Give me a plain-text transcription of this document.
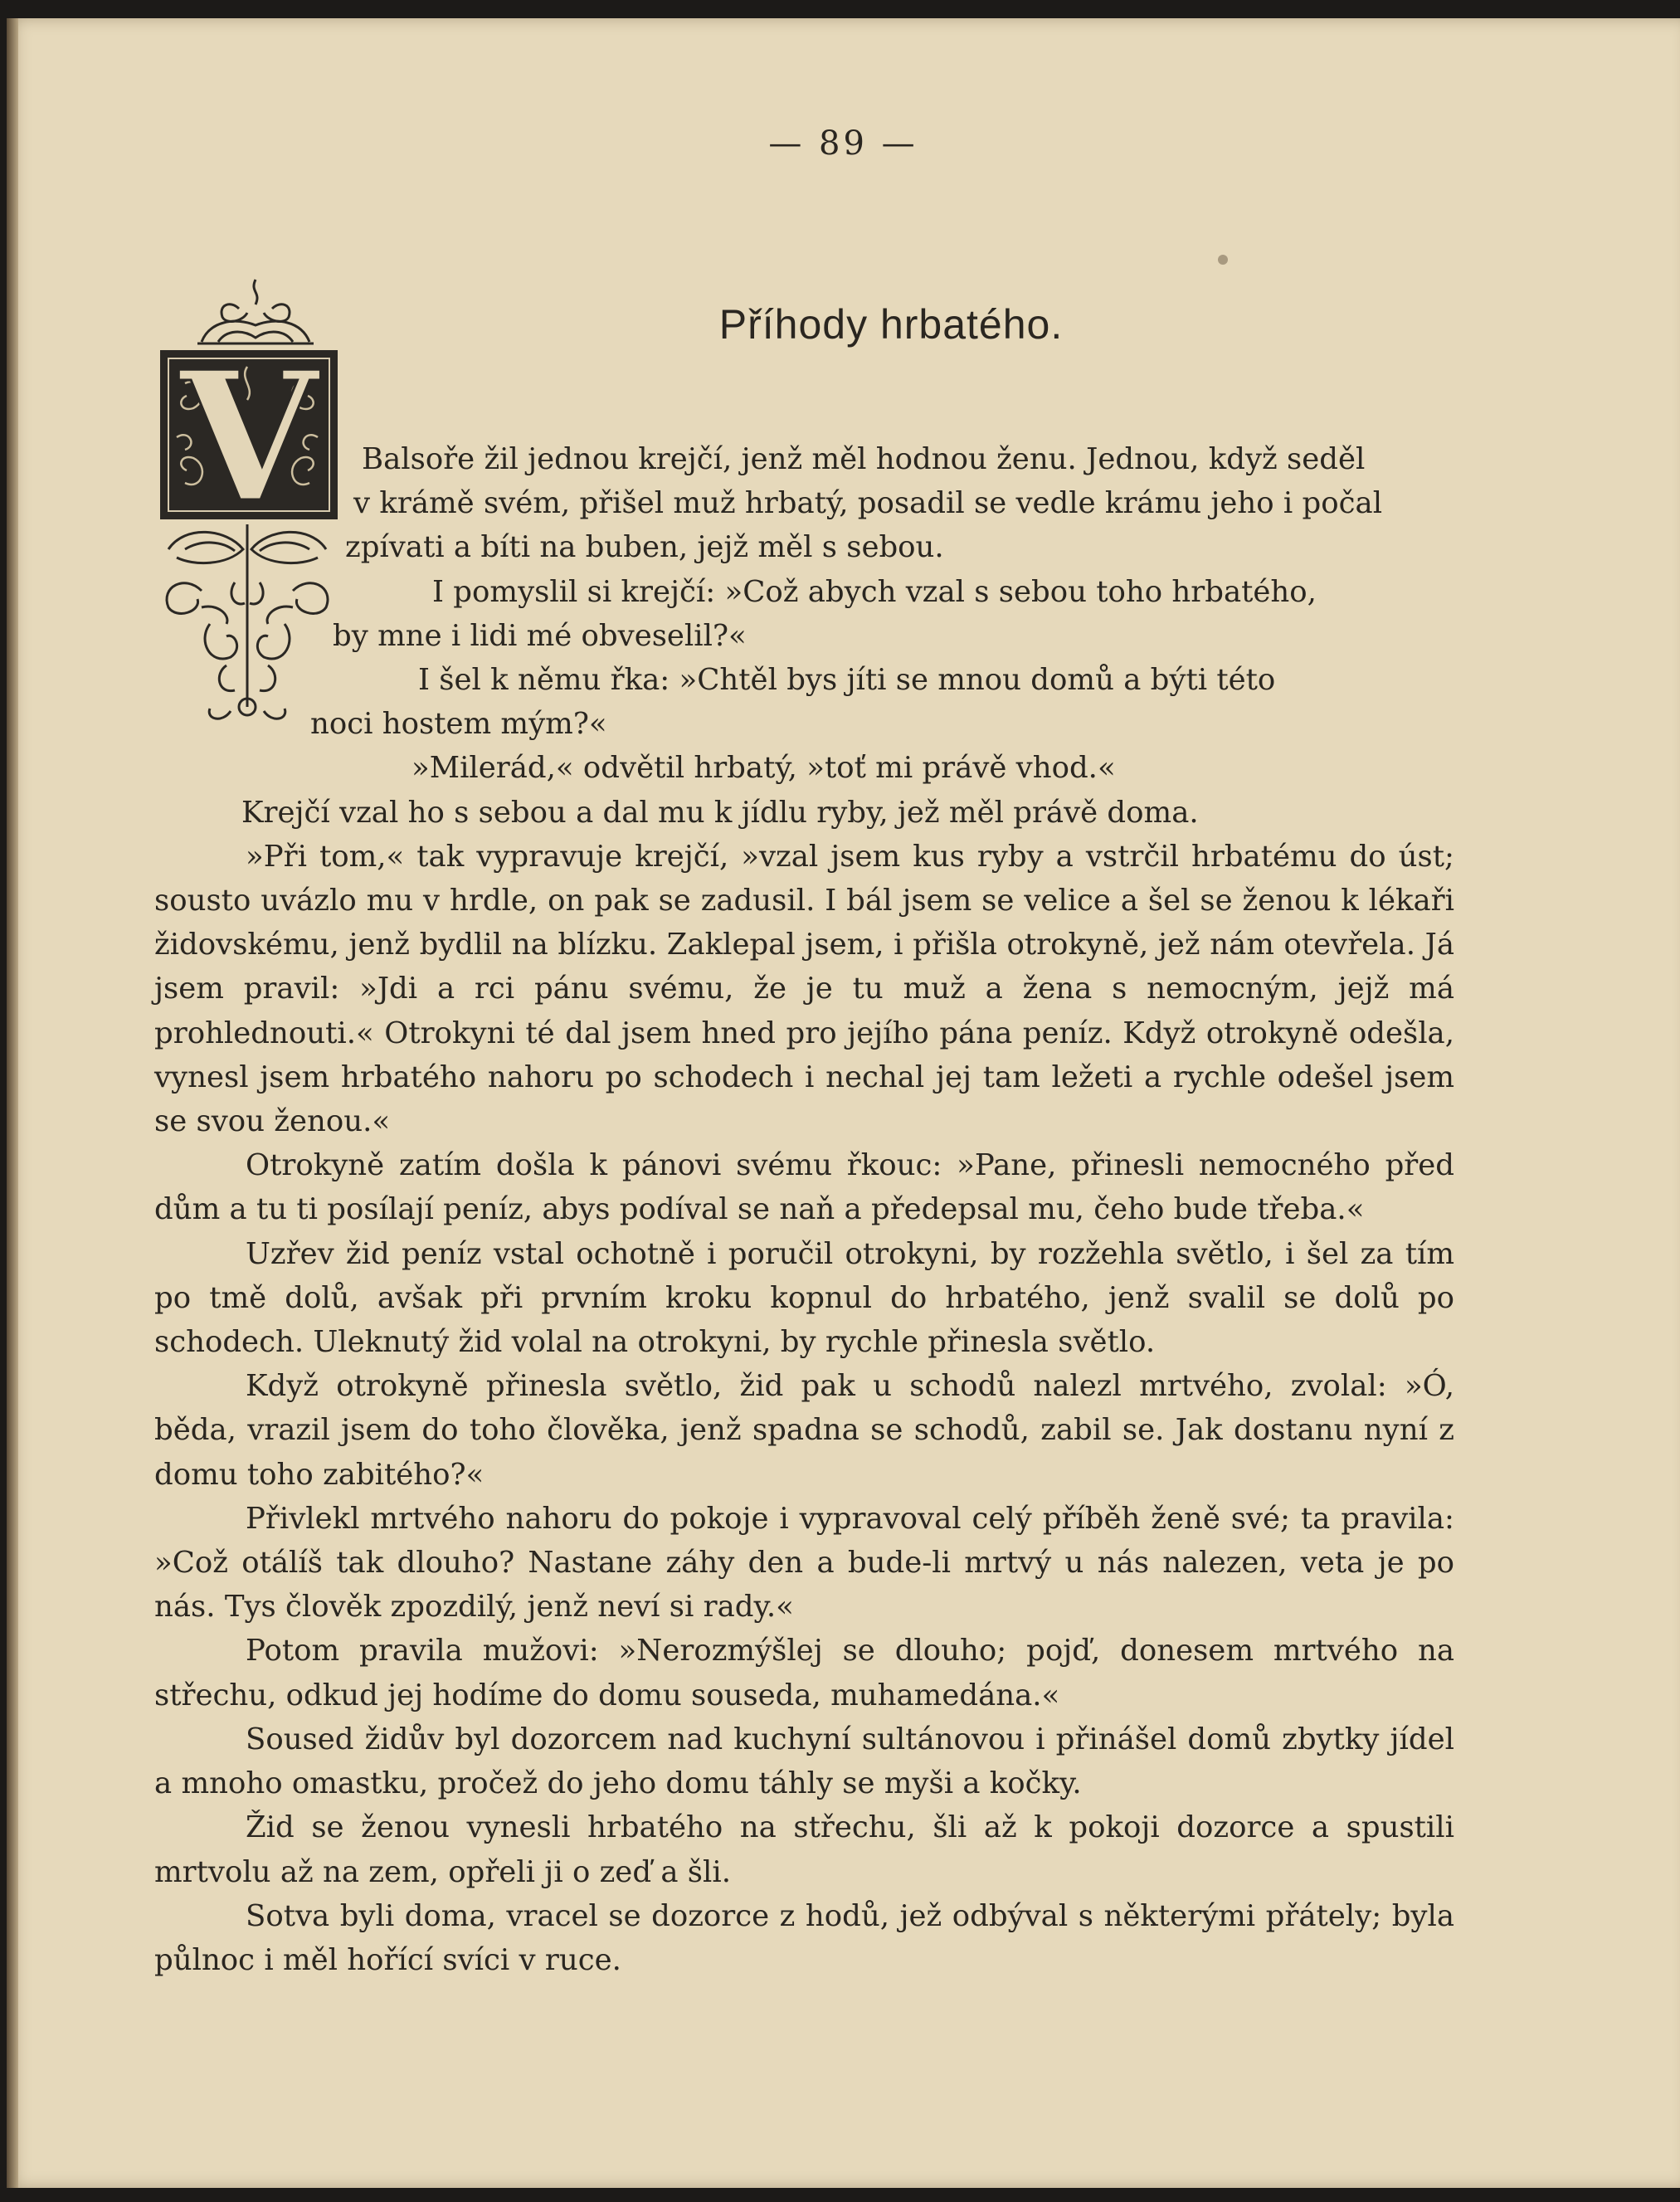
— 89 —
Příhody hrbatého.
V Balsoře žil jednou krejčí, jenž měl hodnou ženu. Jednou, když seděl
v krámě svém, přišel muž hrbatý, posadil se vedle krámu jeho i počal
zpívati a bíti na buben, jejž měl s sebou.

I pomyslil si krejčí: »Což abych vzal s sebou toho hrbatého,
by mne i lidi mé obveselil?«

I šel k němu řka: »Chtěl bys jíti se mnou domů a býti této
noci hostem mým?«

»Milerád,« odvětil hrbatý, »toť mi právě vhod.«

Krejčí vzal ho s sebou a dal mu k jídlu ryby, jež měl právě doma.

»Při tom,« tak vypravuje krejčí, »vzal jsem kus ryby a vstrčil hrbatému do úst; sousto uvázlo mu v hrdle, on pak se zadusil. I bál jsem se velice a šel se ženou k lékaři židovskému, jenž bydlil na blízku. Zaklepal jsem, i přišla otrokyně, jež nám otevřela. Já jsem pravil: »Jdi a rci pánu svému, že je tu muž a žena s nemocným, jejž má prohlednouti.« Otrokyni té dal jsem hned pro jejího pána peníz. Když otrokyně odešla, vynesl jsem hrbatého nahoru po schodech i nechal jej tam ležeti a rychle odešel jsem se svou ženou.«

Otrokyně zatím došla k pánovi svému řkouc: »Pane, přinesli nemocného před dům a tu ti posílají peníz, abys podíval se naň a předepsal mu, čeho bude třeba.«

Uzřev žid peníz vstal ochotně i poručil otrokyni, by rozžehla světlo, i šel za tím po tmě dolů, avšak při prvním kroku kopnul do hrbatého, jenž svalil se dolů po schodech. Uleknutý žid volal na otrokyni, by rychle přinesla světlo.

Když otrokyně přinesla světlo, žid pak u schodů nalezl mrtvého, zvolal: »Ó, běda, vrazil jsem do toho člověka, jenž spadna se schodů, zabil se. Jak dostanu nyní z domu toho zabitého?«

Přivlekl mrtvého nahoru do pokoje i vypravoval celý příběh ženě své; ta pravila: »Což otálíš tak dlouho? Nastane záhy den a bude-li mrtvý u nás nalezen, veta je po nás. Tys člověk zpozdilý, jenž neví si rady.«

Potom pravila mužovi: »Nerozmýšlej se dlouho; pojď, donesem mrtvého na střechu, odkud jej hodíme do domu souseda, muhamedána.«

Soused židův byl dozorcem nad kuchyní sultánovou i přinášel domů zbytky jídel a mnoho omastku, pročež do jeho domu táhly se myši a kočky.

Žid se ženou vynesli hrbatého na střechu, šli až k pokoji dozorce a spustili mrtvolu až na zem, opřeli ji o zeď a šli.

Sotva byli doma, vracel se dozorce z hodů, jež odbýval s některými přátely; byla půlnoc i měl hořící svíci v ruce.
